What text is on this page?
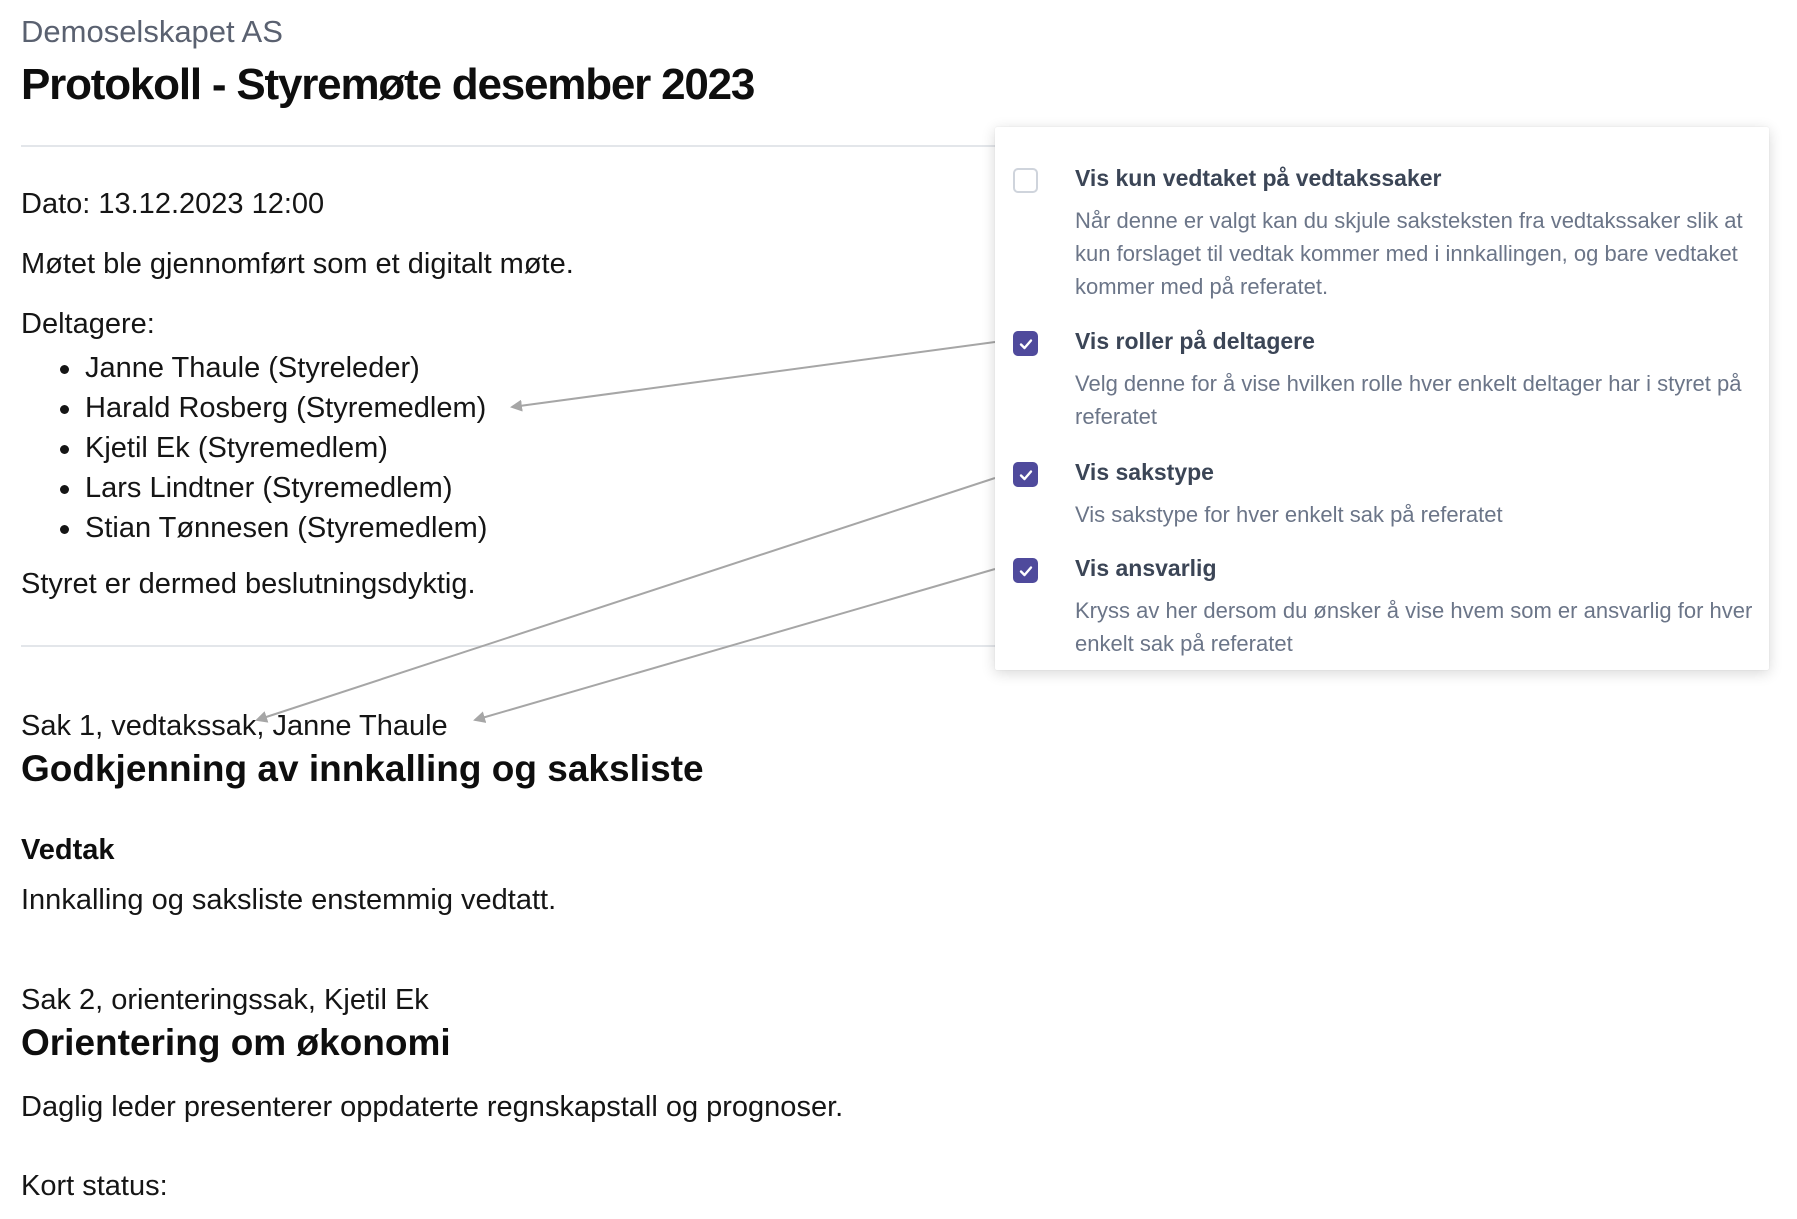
Demoselskapet AS
Protokoll - Styremøte desember 2023
Dato: 13.12.2023 12:00
Møtet ble gjennomført som et digitalt møte.
Deltagere:
Janne Thaule (Styreleder)
Harald Rosberg (Styremedlem)
Kjetil Ek (Styremedlem)
Lars Lindtner (Styremedlem)
Stian Tønnesen (Styremedlem)
Styret er dermed beslutningsdyktig.
Sak 1, vedtakssak, Janne Thaule
Godkjenning av innkalling og saksliste
Vedtak
Innkalling og saksliste enstemmig vedtatt.
Sak 2, orienteringssak, Kjetil Ek
Orientering om økonomi
Daglig leder presenterer oppdaterte regnskapstall og prognoser.
Kort status:
Vis kun vedtaket på vedtakssaker
Når denne er valgt kan du skjule saksteksten fra vedtakssaker slik at kun forslaget til vedtak kommer med i innkallingen, og bare vedtaket kommer med på referatet.
Vis roller på deltagere
Velg denne for å vise hvilken rolle hver enkelt deltager har i styret på referatet
Vis sakstype
Vis sakstype for hver enkelt sak på referatet
Vis ansvarlig
Kryss av her dersom du ønsker å vise hvem som er ansvarlig for hver enkelt sak på referatet
